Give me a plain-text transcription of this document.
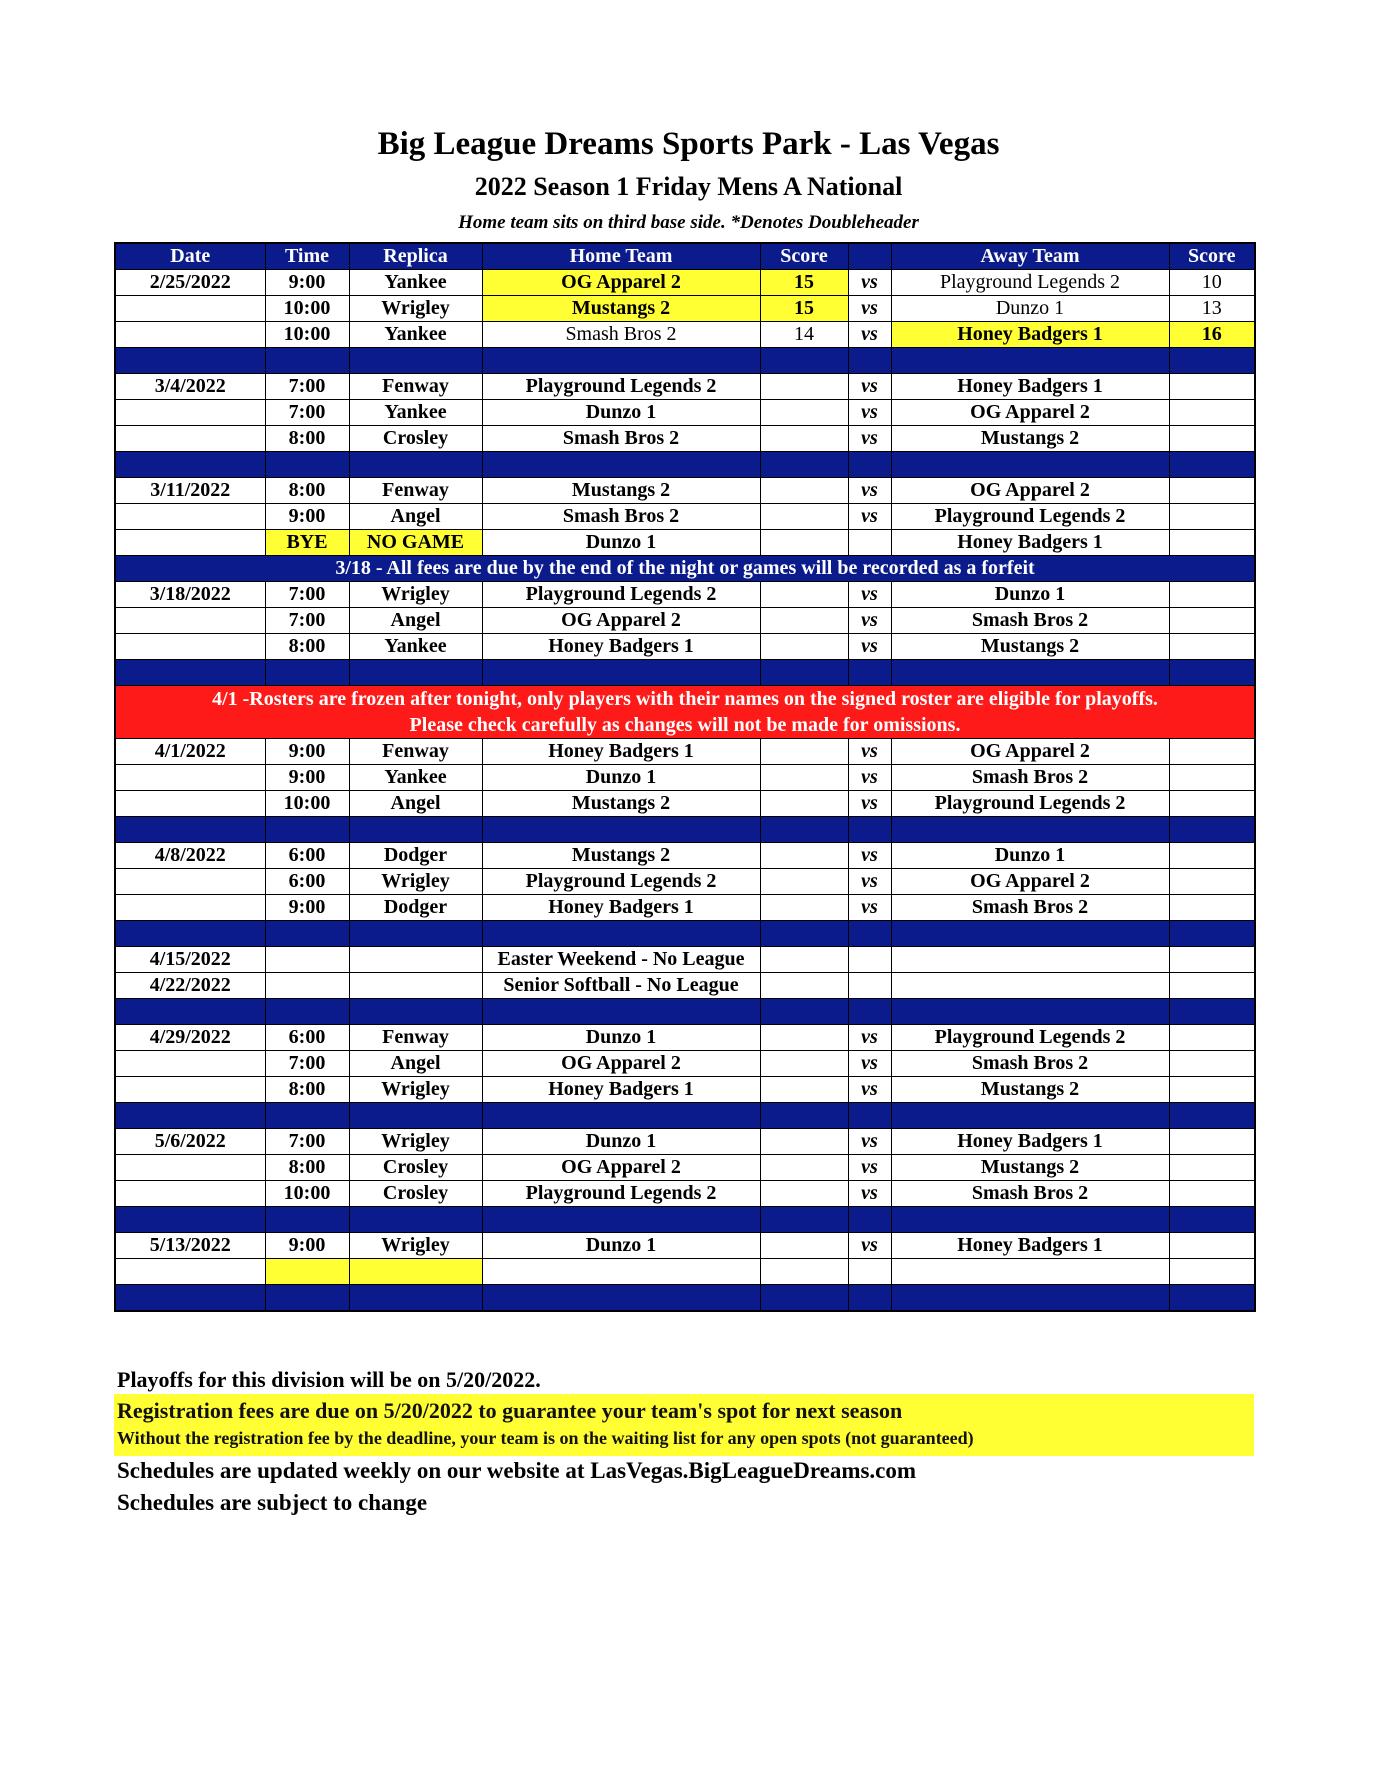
Big League Dreams Sports Park - Las Vegas
2022 Season 1 Friday Mens A National
Home team sits on third base side. *Denotes Doubleheader
Date	Time	Replica	Home Team	Score		Away Team	Score
2/25/2022	9:00	Yankee	OG Apparel 2	15	vs	Playground Legends 2	10
	10:00	Wrigley	Mustangs 2	15	vs	Dunzo 1	13
	10:00	Yankee	Smash Bros 2	14	vs	Honey Badgers 1	16

3/4/2022	7:00	Fenway	Playground Legends 2		vs	Honey Badgers 1	
	7:00	Yankee	Dunzo 1		vs	OG Apparel 2	
	8:00	Crosley	Smash Bros 2		vs	Mustangs 2	

3/11/2022	8:00	Fenway	Mustangs 2		vs	OG Apparel 2	
	9:00	Angel	Smash Bros 2		vs	Playground Legends 2	
	BYE	NO GAME	Dunzo 1			Honey Badgers 1	
3/18 - All fees are due by the end of the night or games will be recorded as a forfeit							
3/18/2022	7:00	Wrigley	Playground Legends 2		vs	Dunzo 1	
	7:00	Angel	OG Apparel 2		vs	Smash Bros 2	
	8:00	Yankee	Honey Badgers 1		vs	Mustangs 2	

4/1 -Rosters are frozen after tonight, only players with their names on the signed roster are eligible for playoffs.
Please check carefully as changes will not be made for omissions.							

4/1/2022	9:00	Fenway	Honey Badgers 1		vs	OG Apparel 2	
	9:00	Yankee	Dunzo 1		vs	Smash Bros 2	
	10:00	Angel	Mustangs 2		vs	Playground Legends 2	

4/8/2022	6:00	Dodger	Mustangs 2		vs	Dunzo 1	
	6:00	Wrigley	Playground Legends 2		vs	OG Apparel 2	
	9:00	Dodger	Honey Badgers 1		vs	Smash Bros 2	

4/15/2022			Easter Weekend - No League				
4/22/2022			Senior Softball - No League				

4/29/2022	6:00	Fenway	Dunzo 1		vs	Playground Legends 2	
	7:00	Angel	OG Apparel 2		vs	Smash Bros 2	
	8:00	Wrigley	Honey Badgers 1		vs	Mustangs 2	

5/6/2022	7:00	Wrigley	Dunzo 1		vs	Honey Badgers 1	
	8:00	Crosley	OG Apparel 2		vs	Mustangs 2	
	10:00	Crosley	Playground Legends 2		vs	Smash Bros 2	

5/13/2022	9:00	Wrigley	Dunzo 1		vs	Honey Badgers 1	

Playoffs for this division will be on 5/20/2022.
Registration fees are due on 5/20/2022 to guarantee your team's spot for next season
Without the registration fee by the deadline, your team is on the waiting list for any open spots (not guaranteed)
Schedules are updated weekly on our website at LasVegas.BigLeagueDreams.com
Schedules are subject to change
